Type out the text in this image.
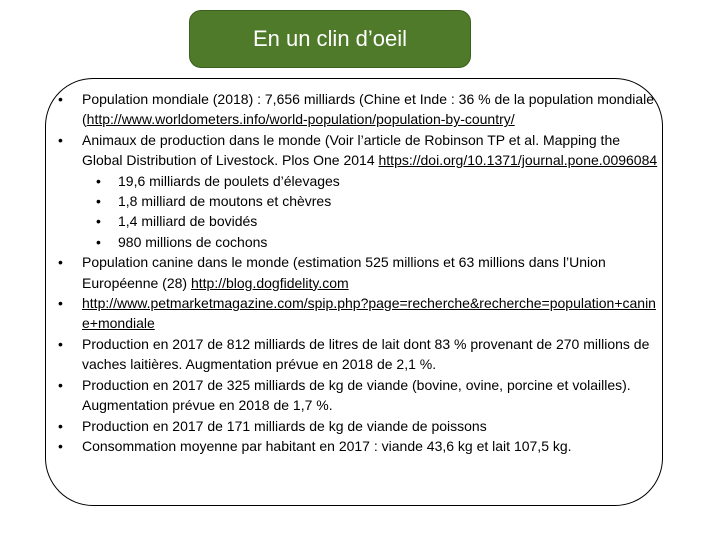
En un clin d’oeil
• Population mondiale (2018) : 7,656 milliards (Chine et Inde : 36 % de la population mondiale (http://www.worldometers.info/world-population/population-by-country/
• Animaux de production dans le monde (Voir l’article de Robinson TP et al. Mapping the Global Distribution of Livestock. Plos One 2014 https://doi.org/10.1371/journal.pone.0096084
• 19,6 milliards de poulets d’élevages
• 1,8 milliard de moutons et chèvres
• 1,4 milliard de bovidés
• 980 millions de cochons
• Population canine dans le monde (estimation 525 millions et 63 millions dans l’Union Européenne (28) http://blog.dogfidelity.com
• http://www.petmarketmagazine.com/spip.php?page=recherche&recherche=population+canine+mondiale
• Production en 2017 de 812 milliards de litres de lait dont 83 % provenant de 270 millions de vaches laitières. Augmentation prévue en 2018 de 2,1 %.
• Production en 2017 de 325 milliards de kg de viande (bovine, ovine, porcine et volailles). Augmentation prévue en 2018 de 1,7 %.
• Production en 2017 de 171 milliards de kg de viande de poissons
• Consommation moyenne par habitant en 2017 : viande 43,6 kg et lait 107,5 kg.
